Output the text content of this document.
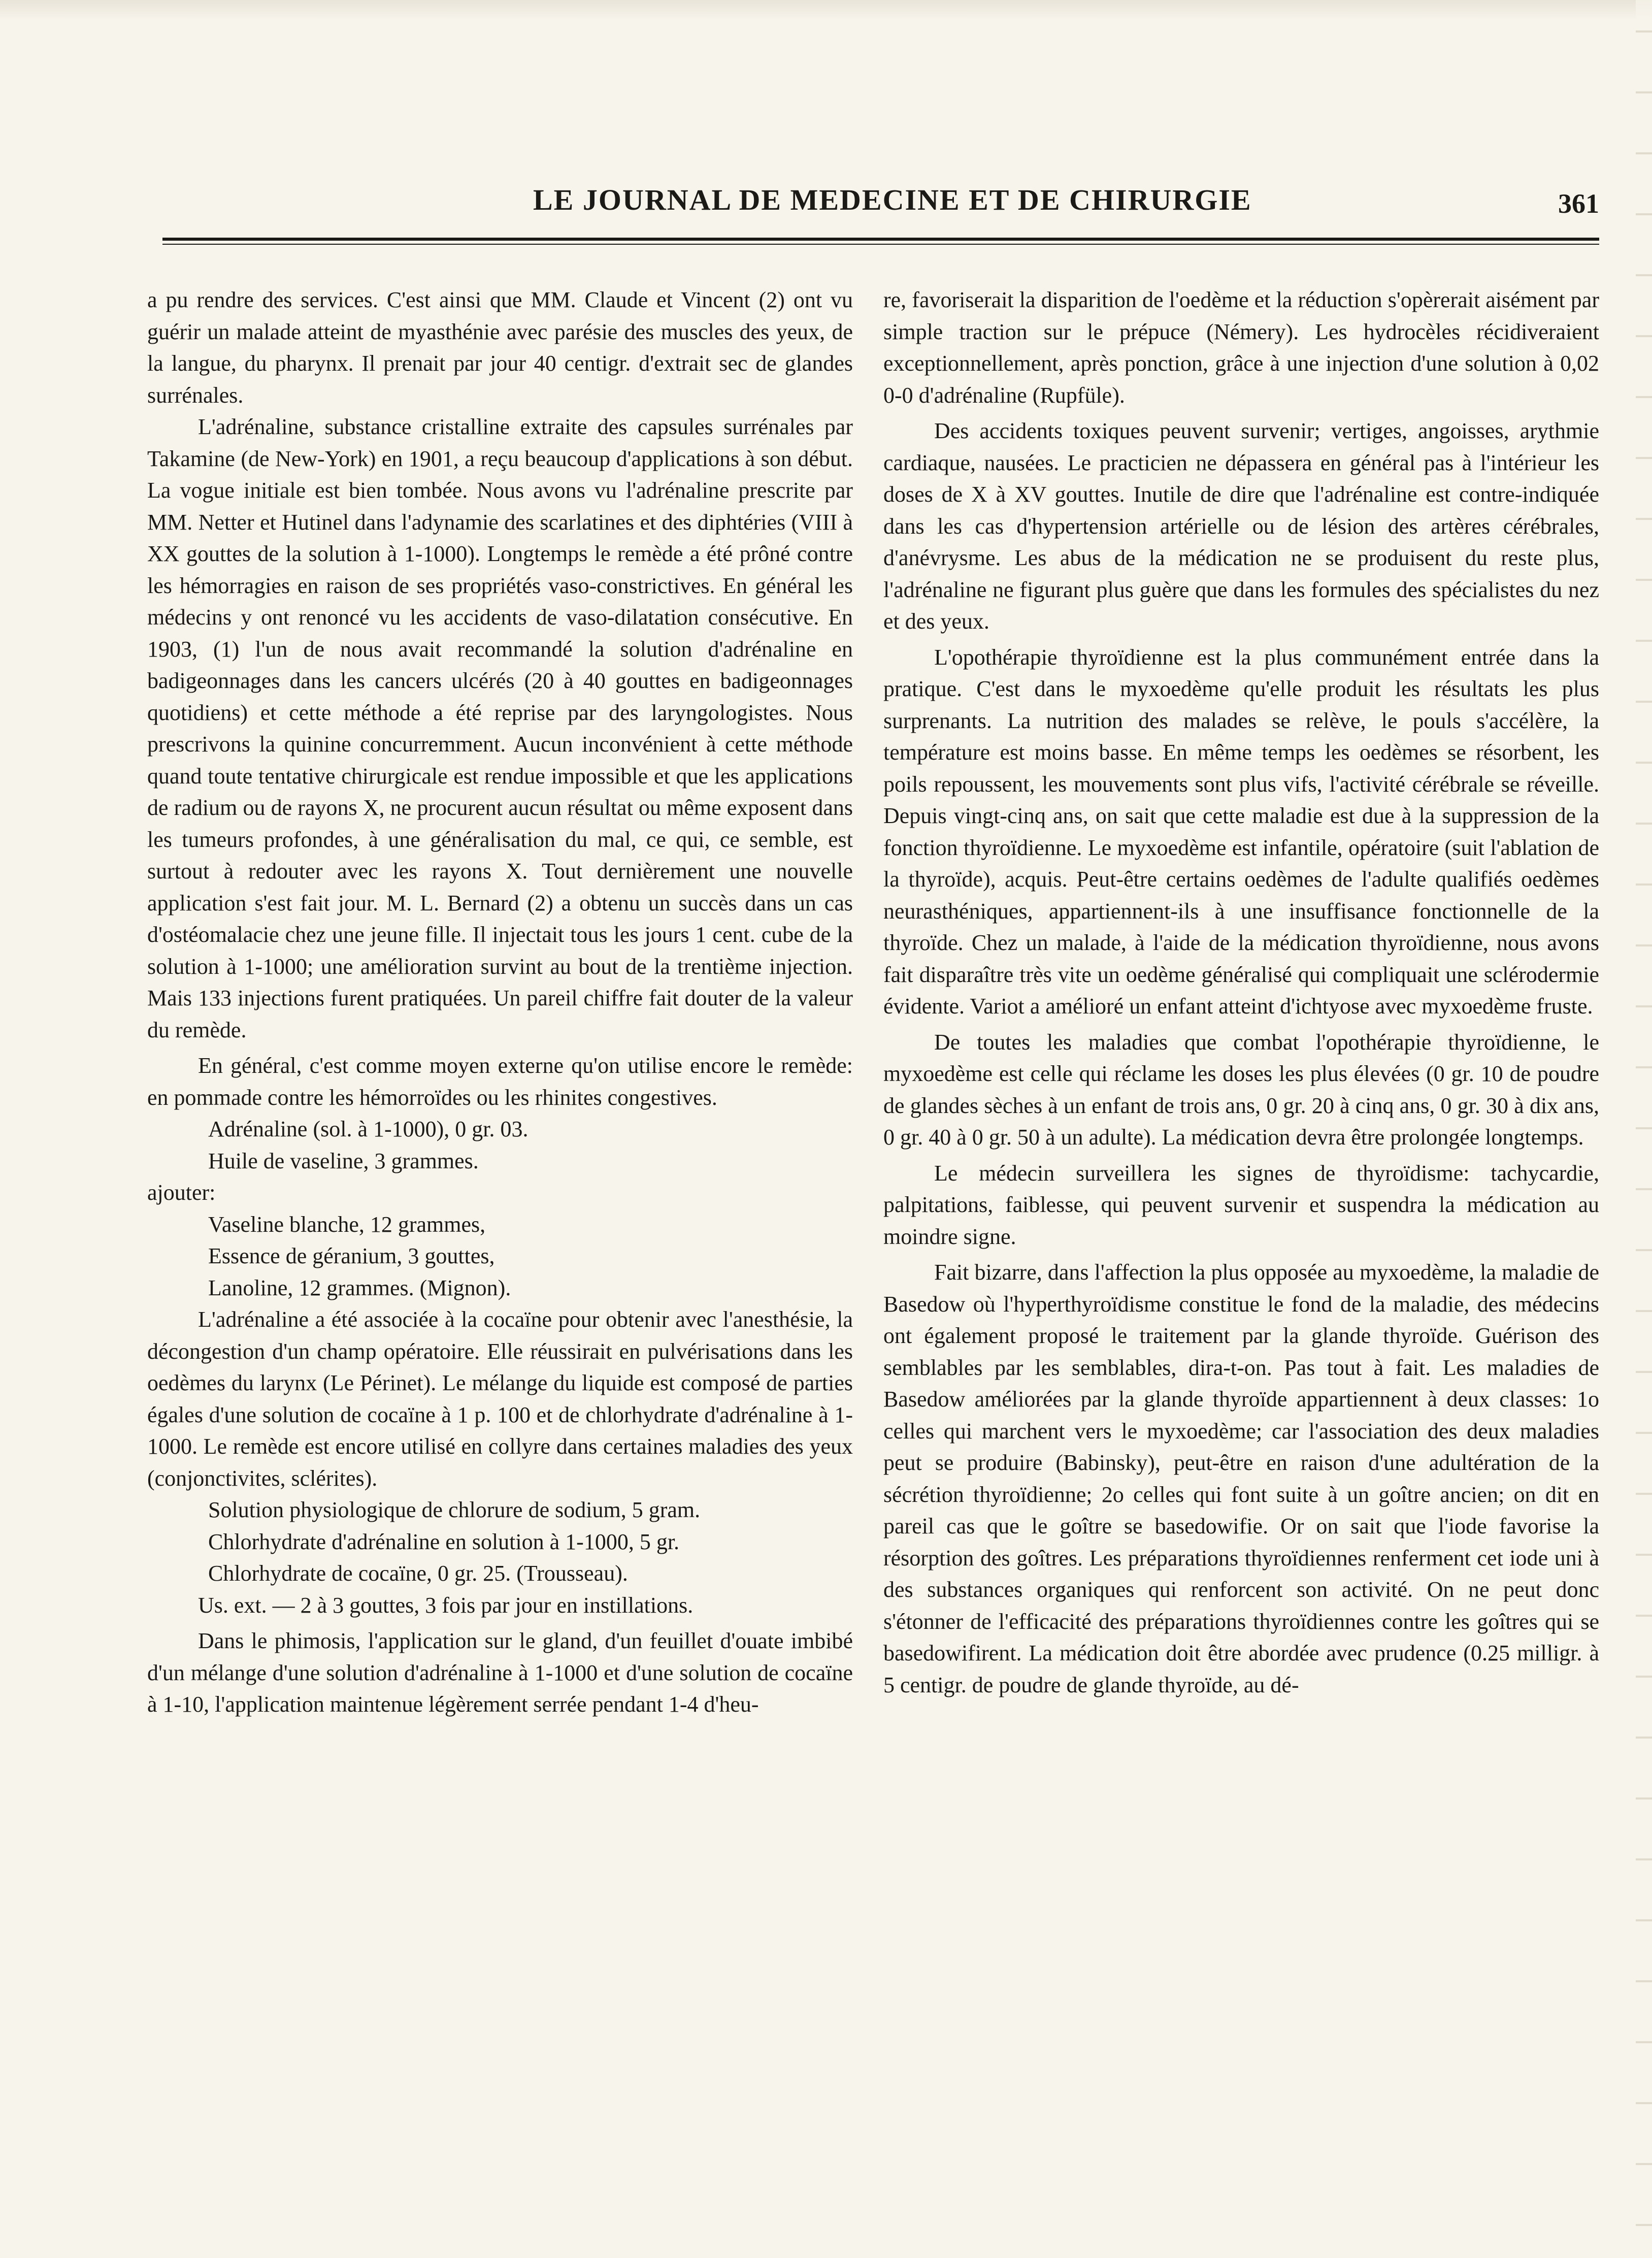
LE JOURNAL DE MEDECINE ET DE CHIRURGIE	361

a pu rendre des services. C'est ainsi que MM. Claude et Vincent (2) ont vu guérir un malade atteint de myasthénie avec parésie des muscles des yeux, de la langue, du pharynx. Il prenait par jour 40 centigr. d'extrait sec de glandes surrénales.

L'adrénaline, substance cristalline extraite des capsules surrénales par Takamine (de New-York) en 1901, a reçu beaucoup d'applications à son début. La vogue initiale est bien tombée. Nous avons vu l'adrénaline prescrite par MM. Netter et Hutinel dans l'adynamie des scarlatines et des diphtéries (VIII à XX gouttes de la solution à 1-1000). Longtemps le remède a été prôné contre les hémorragies en raison de ses propriétés vaso-constrictives. En général les médecins y ont renoncé vu les accidents de vaso-dilatation consécutive. En 1903, (1) l'un de nous avait recommandé la solution d'adrénaline en badigeonnages dans les cancers ulcérés (20 à 40 gouttes en badigeonnages quotidiens) et cette méthode a été reprise par des laryngologistes. Nous prescrivons la quinine concurremment. Aucun inconvénient à cette méthode quand toute tentative chirurgicale est rendue impossible et que les applications de radium ou de rayons X, ne procurent aucun résultat ou même exposent dans les tumeurs profondes, à une généralisation du mal, ce qui, ce semble, est surtout à redouter avec les rayons X. Tout dernièrement une nouvelle application s'est fait jour. M. L. Bernard (2) a obtenu un succès dans un cas d'ostéomalacie chez une jeune fille. Il injectait tous les jours 1 cent. cube de la solution à 1-1000; une amélioration survint au bout de la trentième injection. Mais 133 injections furent pratiquées. Un pareil chiffre fait douter de la valeur du remède.

En général, c'est comme moyen externe qu'on utilise encore le remède: en pommade contre les hémorroïdes ou les rhinites congestives.

Adrénaline (sol. à 1-1000), 0 gr. 03.

Huile de vaseline, 3 grammes.

ajouter:

Vaseline blanche, 12 grammes,

Essence de géranium, 3 gouttes,

Lanoline, 12 grammes. (Mignon).

L'adrénaline a été associée à la cocaïne pour obtenir avec l'anesthésie, la décongestion d'un champ opératoire. Elle réussirait en pulvérisations dans les oedèmes du larynx (Le Périnet). Le mélange du liquide est composé de parties égales d'une solution de cocaïne à 1 p. 100 et de chlorhydrate d'adrénaline à 1-1000. Le remède est encore utilisé en collyre dans certaines maladies des yeux (conjonctivites, sclérites).

Solution physiologique de chlorure de sodium, 5 gram.

Chlorhydrate d'adrénaline en solution à 1-1000, 5 gr.

Chlorhydrate de cocaïne, 0 gr. 25. (Trousseau).

Us. ext. — 2 à 3 gouttes, 3 fois par jour en instillations.

Dans le phimosis, l'application sur le gland, d'un feuillet d'ouate imbibé d'un mélange d'une solution d'adrénaline à 1-1000 et d'une solution de cocaïne à 1-10, l'application maintenue légèrement serrée pendant 1-4 d'heu-

re, favoriserait la disparition de l'oedème et la réduction s'opèrerait aisément par simple traction sur le prépuce (Némery). Les hydrocèles récidiveraient exceptionnellement, après ponction, grâce à une injection d'une solution à 0,02 0-0 d'adrénaline (Rupfüle).

Des accidents toxiques peuvent survenir; vertiges, angoisses, arythmie cardiaque, nausées. Le practicien ne dépassera en général pas à l'intérieur les doses de X à XV gouttes. Inutile de dire que l'adrénaline est contre-indiquée dans les cas d'hypertension artérielle ou de lésion des artères cérébrales, d'anévrysme. Les abus de la médication ne se produisent du reste plus, l'adrénaline ne figurant plus guère que dans les formules des spécialistes du nez et des yeux.

L'opothérapie thyroïdienne est la plus communément entrée dans la pratique. C'est dans le myxoedème qu'elle produit les résultats les plus surprenants. La nutrition des malades se relève, le pouls s'accélère, la température est moins basse. En même temps les oedèmes se résorbent, les poils repoussent, les mouvements sont plus vifs, l'activité cérébrale se réveille. Depuis vingt-cinq ans, on sait que cette maladie est due à la suppression de la fonction thyroïdienne. Le myxoedème est infantile, opératoire (suit l'ablation de la thyroïde), acquis. Peut-être certains oedèmes de l'adulte qualifiés oedèmes neurasthéniques, appartiennent-ils à une insuffisance fonctionnelle de la thyroïde. Chez un malade, à l'aide de la médication thyroïdienne, nous avons fait disparaître très vite un oedème généralisé qui compliquait une sclérodermie évidente. Variot a amélioré un enfant atteint d'ichtyose avec myxoedème fruste.

De toutes les maladies que combat l'opothérapie thyroïdienne, le myxoedème est celle qui réclame les doses les plus élevées (0 gr. 10 de poudre de glandes sèches à un enfant de trois ans, 0 gr. 20 à cinq ans, 0 gr. 30 à dix ans, 0 gr. 40 à 0 gr. 50 à un adulte). La médication devra être prolongée longtemps.

Le médecin surveillera les signes de thyroïdisme: tachycardie, palpitations, faiblesse, qui peuvent survenir et suspendra la médication au moindre signe.

Fait bizarre, dans l'affection la plus opposée au myxoedème, la maladie de Basedow où l'hyperthyroïdisme constitue le fond de la maladie, des médecins ont également proposé le traitement par la glande thyroïde. Guérison des semblables par les semblables, dira-t-on. Pas tout à fait. Les maladies de Basedow améliorées par la glande thyroïde appartiennent à deux classes: 1o celles qui marchent vers le myxoedème; car l'association des deux maladies peut se produire (Babinsky), peut-être en raison d'une adultération de la sécrétion thyroïdienne; 2o celles qui font suite à un goître ancien; on dit en pareil cas que le goître se basedowifie. Or on sait que l'iode favorise la résorption des goîtres. Les préparations thyroïdiennes renferment cet iode uni à des substances organiques qui renforcent son activité. On ne peut donc s'étonner de l'efficacité des préparations thyroïdiennes contre les goîtres qui se basedowifirent. La médication doit être abordée avec prudence (0.25 milligr. à 5 centigr. de poudre de glande thyroïde, au dé-
